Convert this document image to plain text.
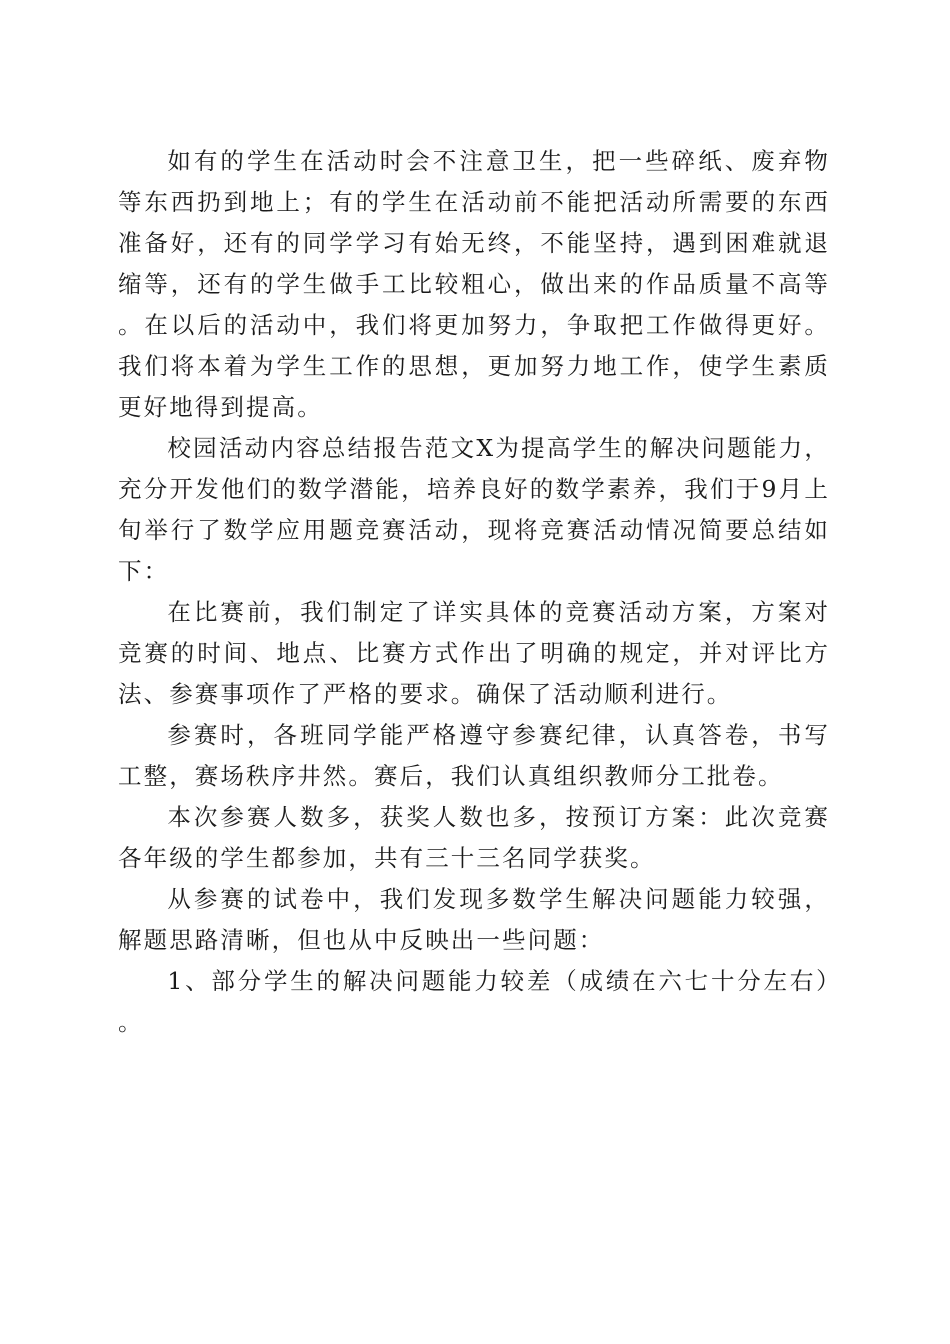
如有的学生在活动时会不注意卫生，把一些碎纸、废弃物等东西扔到地上；有的学生在活动前不能把活动所需要的东西准备好，还有的同学学习有始无终，不能坚持，遇到困难就退缩等，还有的学生做手工比较粗心，做出来的作品质量不高等。在以后的活动中，我们将更加努力，争取把工作做得更好。我们将本着为学生工作的思想，更加努力地工作，使学生素质更好地得到提高。

校园活动内容总结报告范文X为提高学生的解决问题能力，充分开发他们的数学潜能，培养良好的数学素养，我们于9月上旬举行了数学应用题竞赛活动，现将竞赛活动情况简要总结如下：

在比赛前，我们制定了详实具体的竞赛活动方案，方案对竞赛的时间、地点、比赛方式作出了明确的规定，并对评比方法、参赛事项作了严格的要求。确保了活动顺利进行。

参赛时，各班同学能严格遵守参赛纪律，认真答卷，书写工整，赛场秩序井然。赛后，我们认真组织教师分工批卷。

本次参赛人数多，获奖人数也多，按预订方案：此次竞赛各年级的学生都参加，共有三十三名同学获奖。

从参赛的试卷中，我们发现多数学生解决问题能力较强，解题思路清晰，但也从中反映出一些问题：

1、部分学生的解决问题能力较差（成绩在六七十分左右）。
